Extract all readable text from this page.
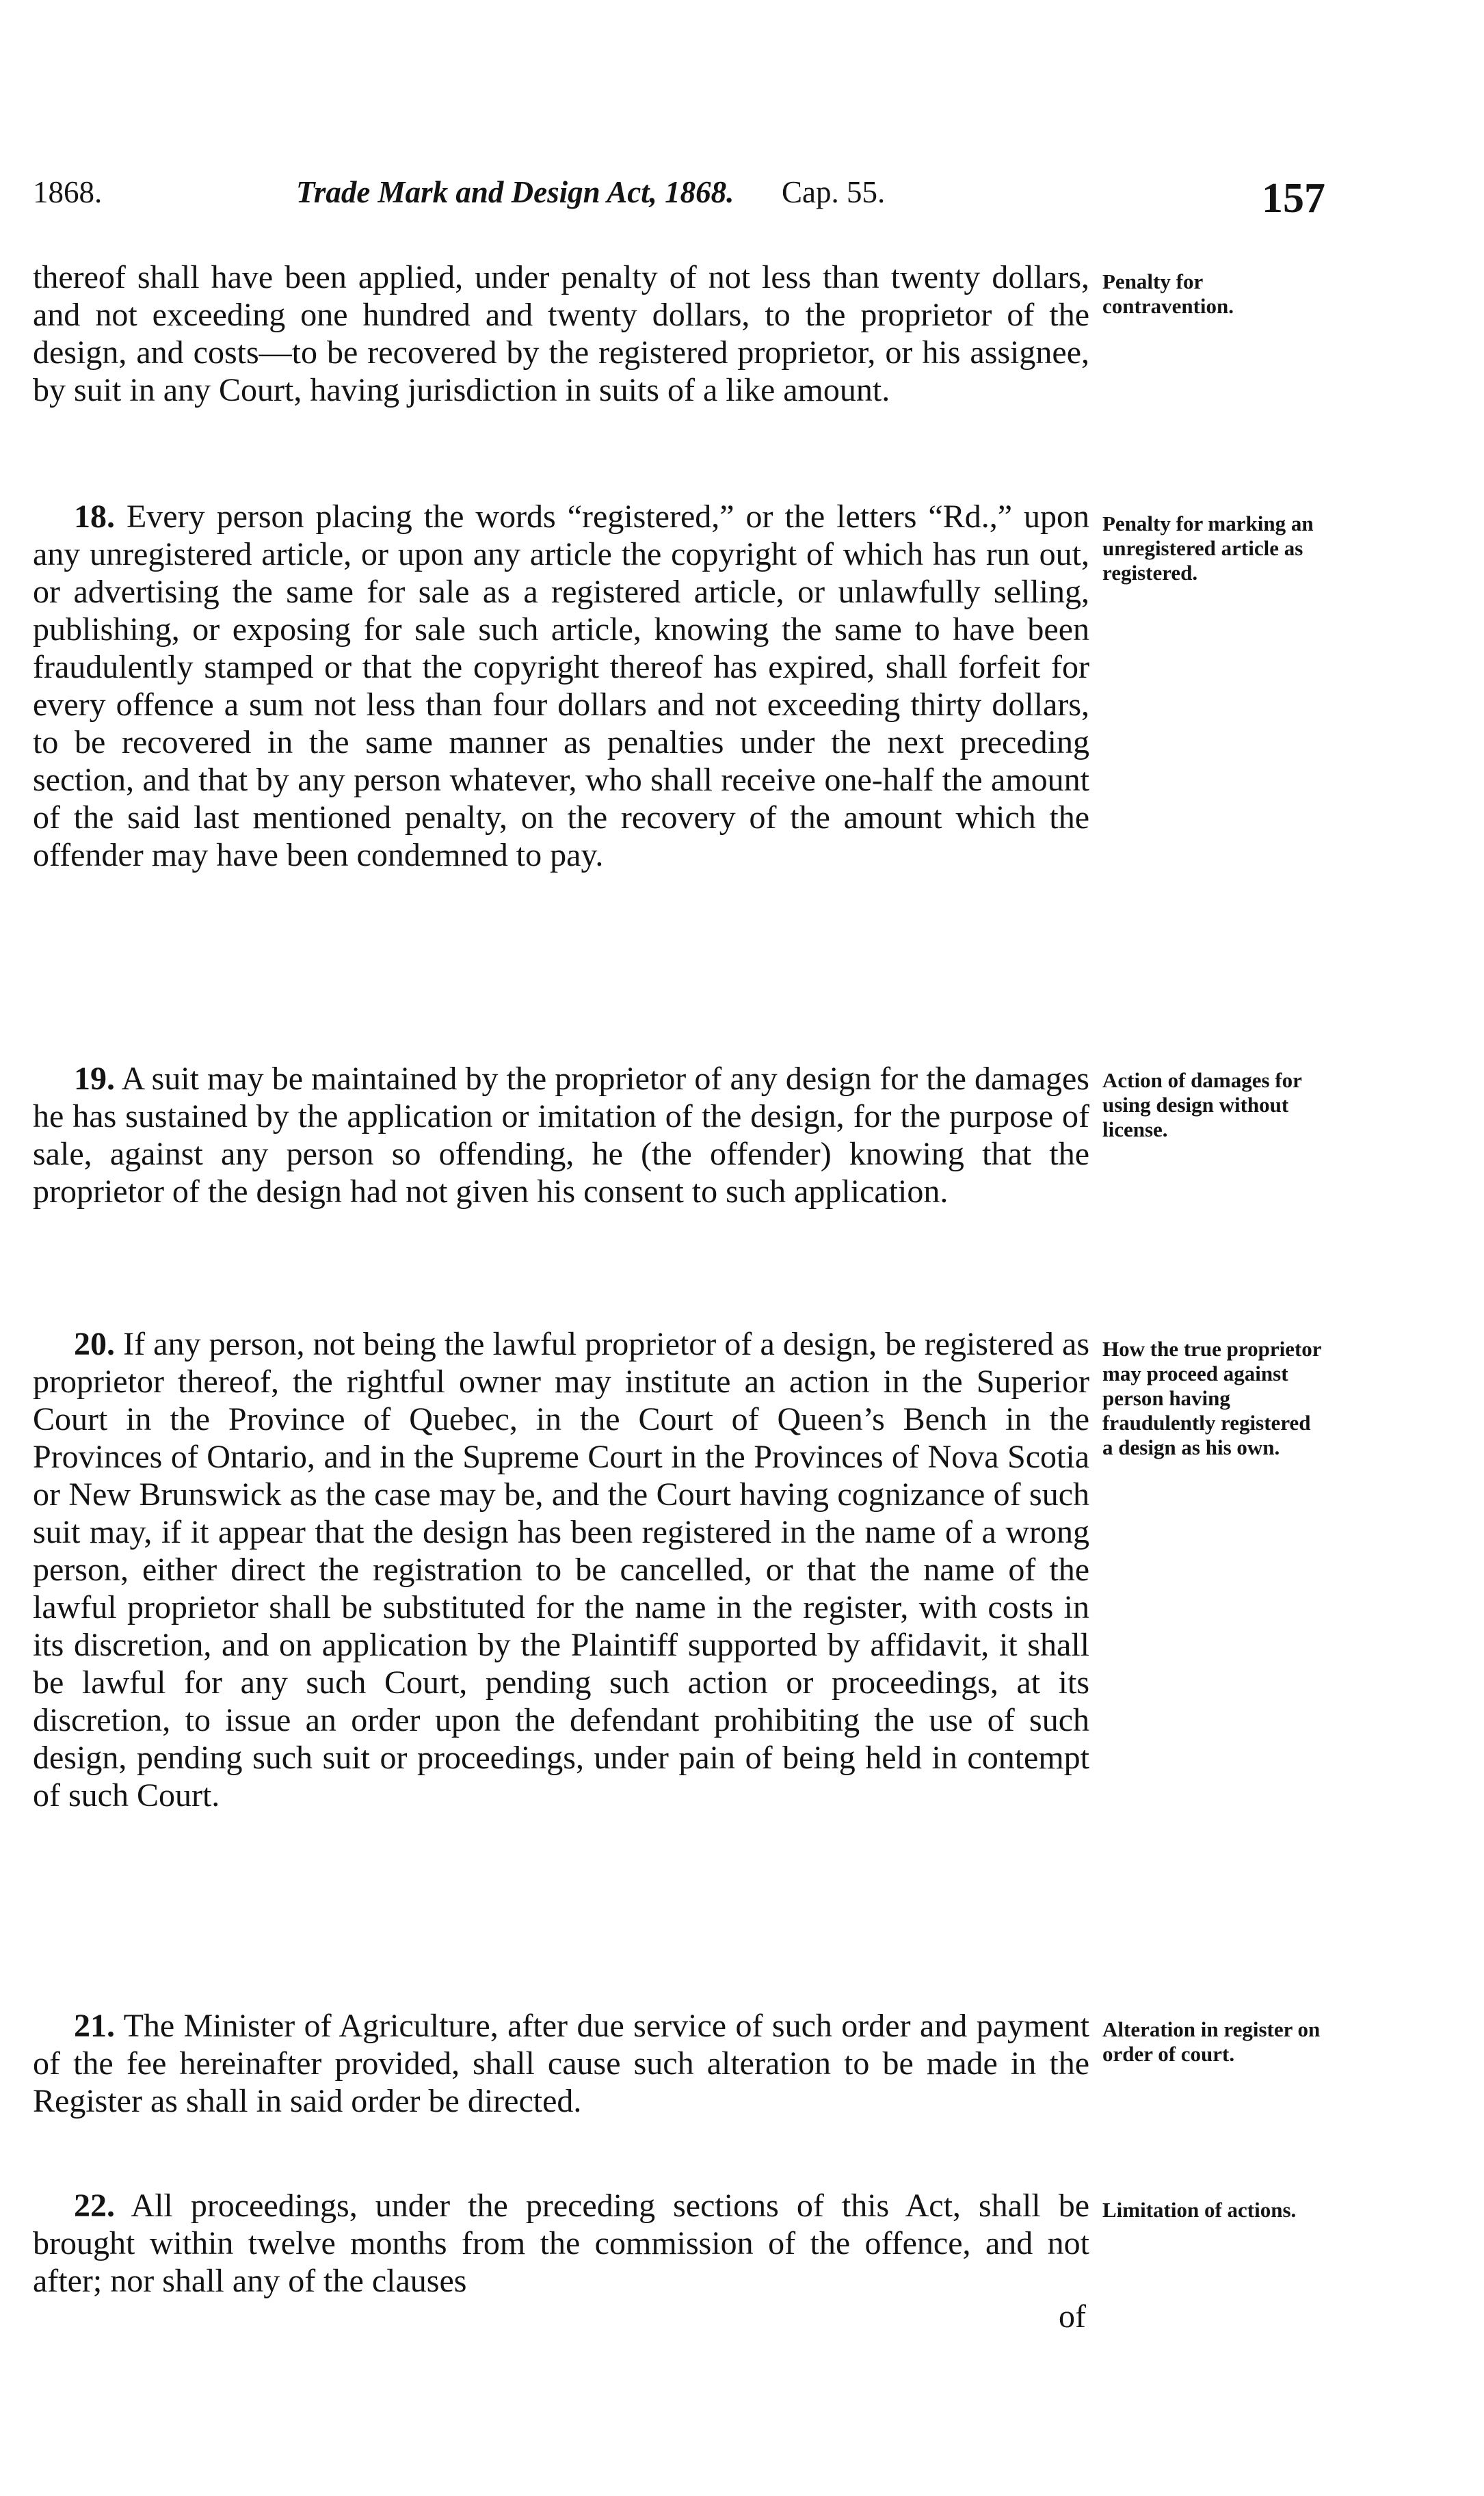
1868.	Trade Mark and Design Act, 1868. Cap. 55.	157

thereof shall have been applied, under penalty of not less than twenty dollars, and not exceeding one hundred and twenty dollars, to the proprietor of the design, and costs—to be recovered by the registered proprietor, or his assignee, by suit in any Court, having jurisdiction in suits of a like amount.

Penalty for contravention.

18. Every person placing the words “registered,” or the letters “Rd.,” upon any unregistered article, or upon any article the copyright of which has run out, or advertising the same for sale as a registered article, or unlawfully selling, publishing, or exposing for sale such article, knowing the same to have been fraudulently stamped or that the copyright thereof has expired, shall forfeit for every offence a sum not less than four dollars and not exceeding thirty dollars, to be recovered in the same manner as penalties under the next preceding section, and that by any person whatever, who shall receive one-half the amount of the said last mentioned penalty, on the recovery of the amount which the offender may have been condemned to pay.

Penalty for marking an unregistered article as registered.

19. A suit may be maintained by the proprietor of any design for the damages he has sustained by the application or imitation of the design, for the purpose of sale, against any person so offending, he (the offender) knowing that the proprietor of the design had not given his consent to such application.

Action of damages for using design without license.

20. If any person, not being the lawful proprietor of a design, be registered as proprietor thereof, the rightful owner may institute an action in the Superior Court in the Province of Quebec, in the Court of Queen’s Bench in the Provinces of Ontario, and in the Supreme Court in the Provinces of Nova Scotia or New Brunswick as the case may be, and the Court having cognizance of such suit may, if it appear that the design has been registered in the name of a wrong person, either direct the registration to be cancelled, or that the name of the lawful proprietor shall be substituted for the name in the register, with costs in its discretion, and on application by the Plaintiff supported by affidavit, it shall be lawful for any such Court, pending such action or proceedings, at its discretion, to issue an order upon the defendant prohibiting the use of such design, pending such suit or proceedings, under pain of being held in contempt of such Court.

How the true proprietor may proceed against person having fraudulently registered a design as his own.

21. The Minister of Agriculture, after due service of such order and payment of the fee hereinafter provided, shall cause such alteration to be made in the Register as shall in said order be directed.

Alteration in register on order of court.

22. All proceedings, under the preceding sections of this Act, shall be brought within twelve months from the commission of the offence, and not after; nor shall any of the clauses

Limitation of actions.
of
